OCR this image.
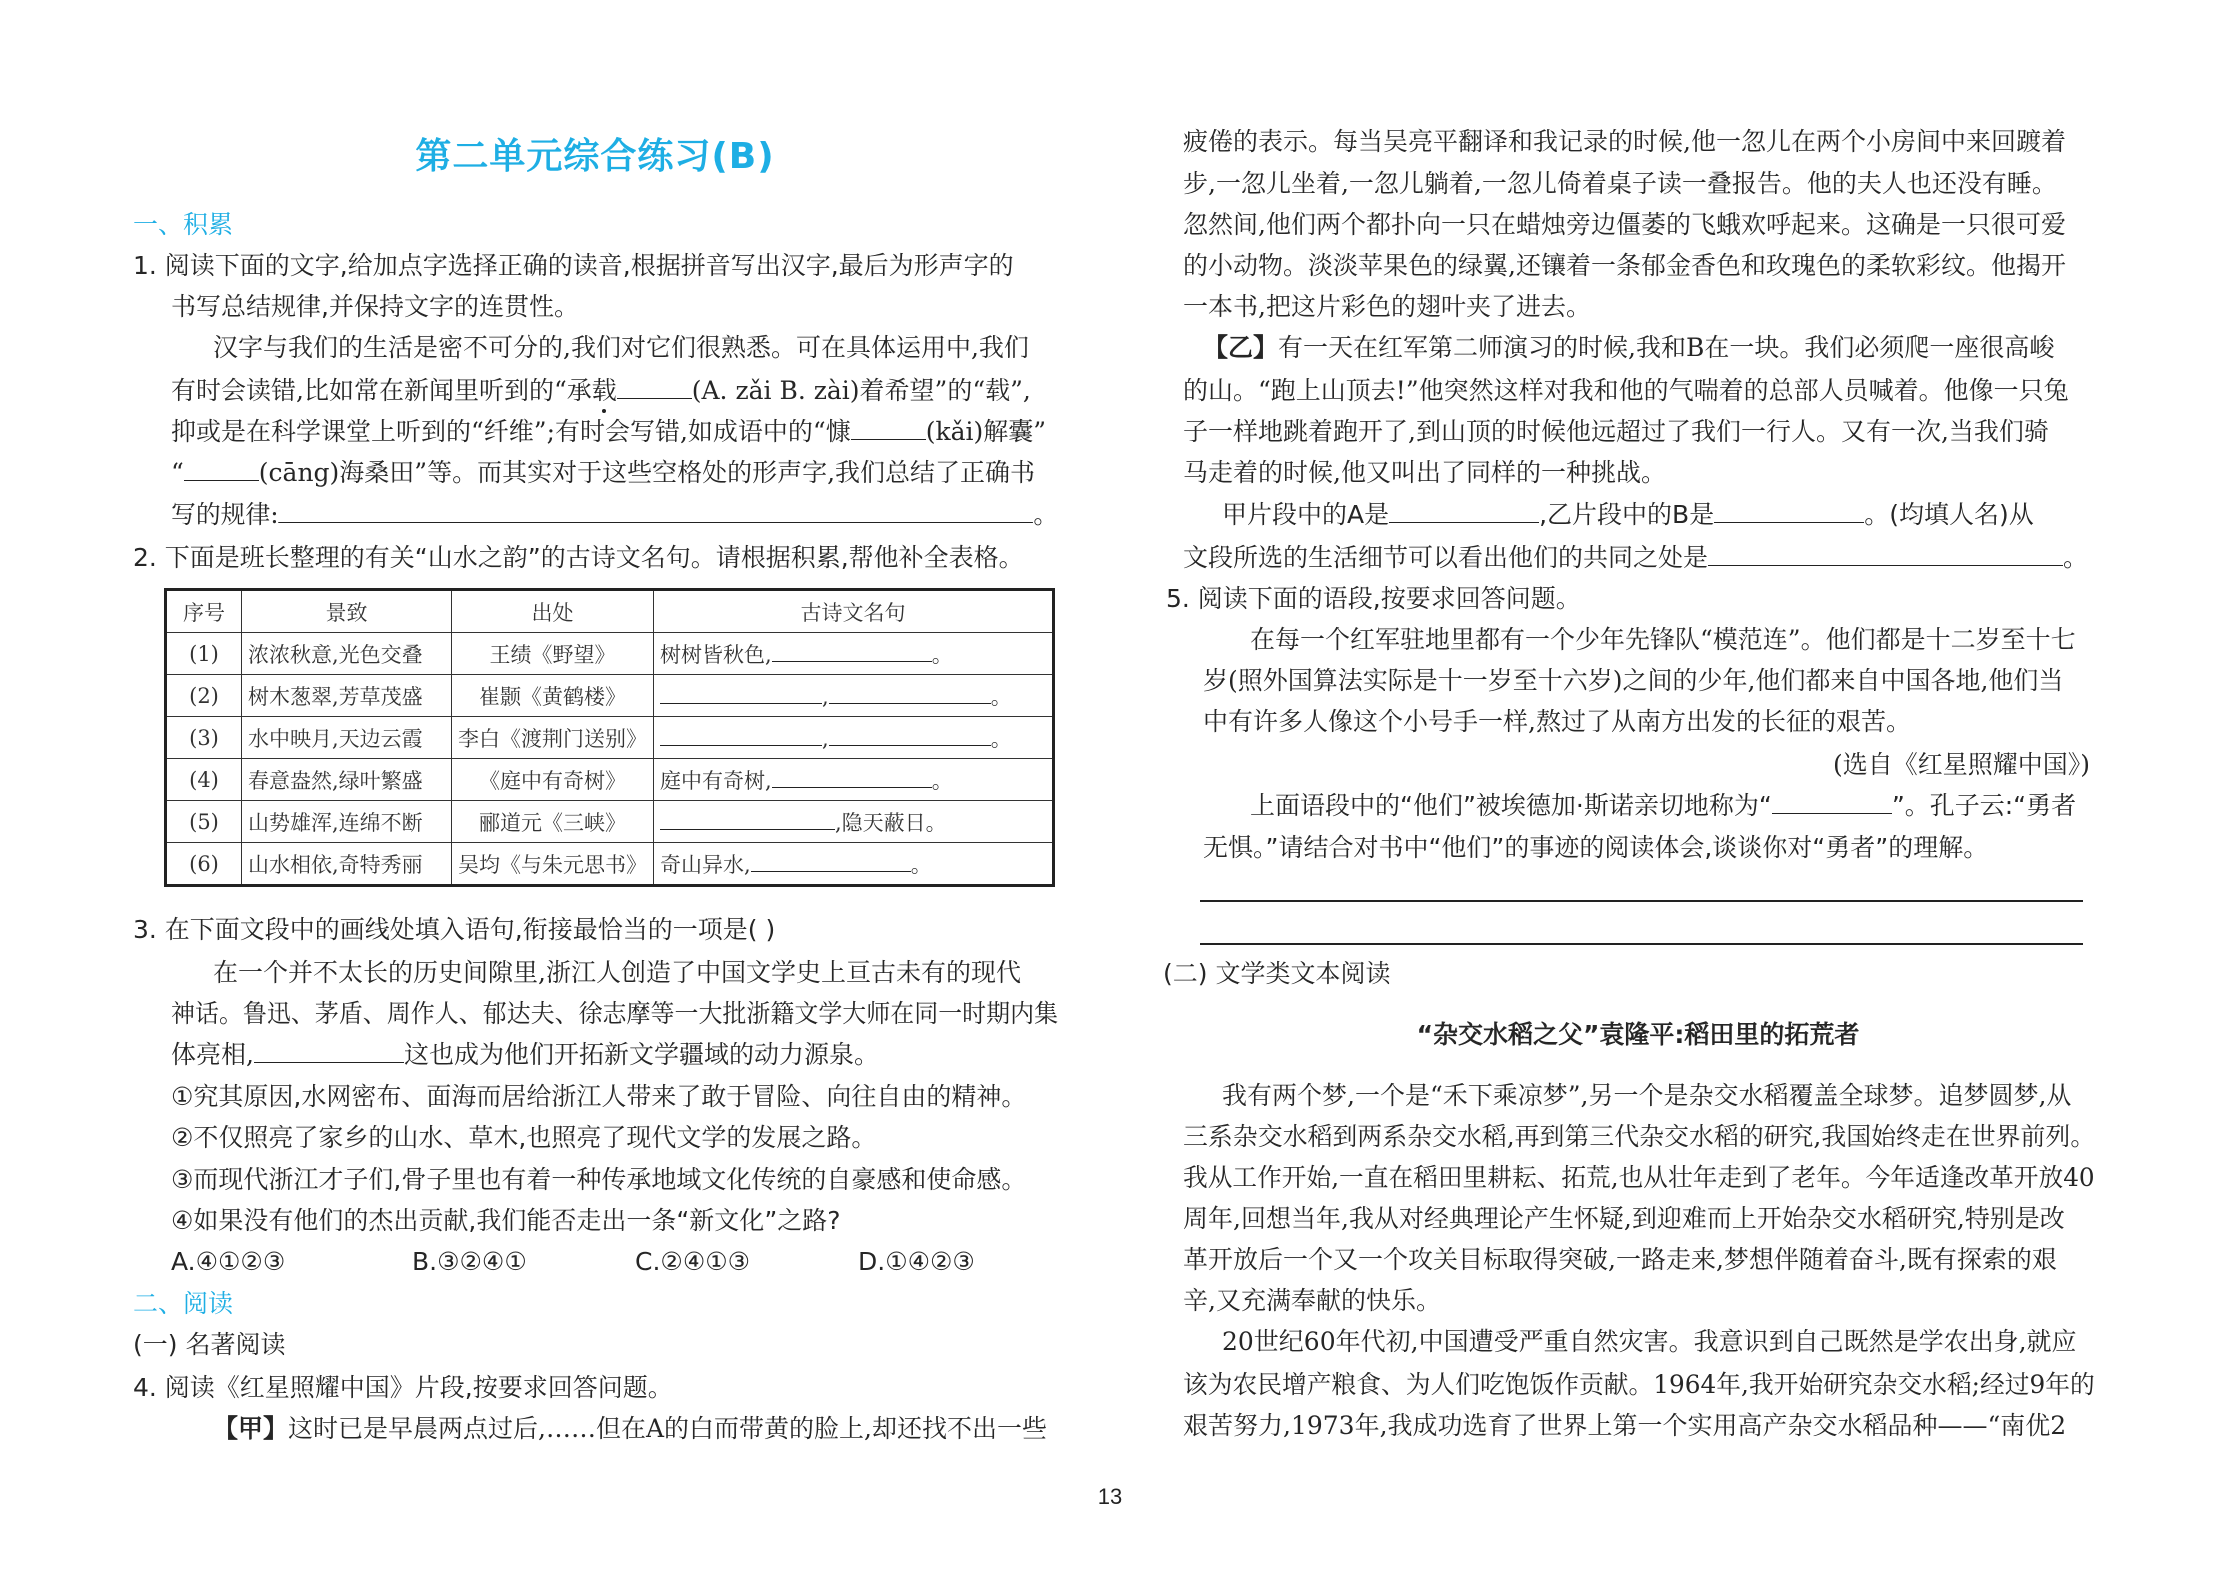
第二单元综合练习(B)
一、积累
1. 阅读下面的文字,给加点字选择正确的读音,根据拼音写出汉字,最后为形声字的
书写总结规律,并保持文字的连贯性。
汉字与我们的生活是密不可分的,我们对它们很熟悉。可在具体运用中,我们
有时会读错,比如常在新闻里听到的“承载	(A. zǎi B. zài)着希望”的“载”,
抑或是在科学课堂上听到的“纤维”;有时会写错,如成语中的“慷	(kǎi)解囊”
“	(cāng)海桑田”等。而其实对于这些空格处的形声字,我们总结了正确书
写的规律:	。
2. 下面是班长整理的有关“山水之韵”的古诗文名句。请根据积累,帮他补全表格。
序号	景致	出处	古诗文名句
(1)	浓浓秋意,光色交叠	王绩《野望》	树树皆秋色, 。
(2)	树木葱翠,芳草茂盛	崔颢《黄鹤楼》	, 。
(3)	水中映月,天边云霞	李白《渡荆门送别》	, 。
(4)	春意盎然,绿叶繁盛	《庭中有奇树》	庭中有奇树, 。
(5)	山势雄浑,连绵不断	郦道元《三峡》	,隐天蔽日。
(6)	山水相依,奇特秀丽	吴均《与朱元思书》	奇山异水, 。
3. 在下面文段中的画线处填入语句,衔接最恰当的一项是( )
在一个并不太长的历史间隙里,浙江人创造了中国文学史上亘古未有的现代
神话。鲁迅、茅盾、周作人、郁达夫、徐志摩等一大批浙籍文学大师在同一时期内集
体亮相,	这也成为他们开拓新文学疆域的动力源泉。
①究其原因,水网密布、面海而居给浙江人带来了敢于冒险、向往自由的精神。
②不仅照亮了家乡的山水、草木,也照亮了现代文学的发展之路。
③而现代浙江才子们,骨子里也有着一种传承地域文化传统的自豪感和使命感。
④如果没有他们的杰出贡献,我们能否走出一条“新文化”之路?
A.④①②③	B.③②④①	C.②④①③	D.①④②③
二、阅读
(一) 名著阅读
4. 阅读《红星照耀中国》片段,按要求回答问题。
【甲】这时已是早晨两点过后,……但在A的白而带黄的脸上,却还找不出一些
疲倦的表示。每当吴亮平翻译和我记录的时候,他一忽儿在两个小房间中来回踱着
步,一忽儿坐着,一忽儿躺着,一忽儿倚着桌子读一叠报告。他的夫人也还没有睡。
忽然间,他们两个都扑向一只在蜡烛旁边僵萎的飞蛾欢呼起来。这确是一只很可爱
的小动物。淡淡苹果色的绿翼,还镶着一条郁金香色和玫瑰色的柔软彩纹。他揭开
一本书,把这片彩色的翅叶夹了进去。
【乙】有一天在红军第二师演习的时候,我和B在一块。我们必须爬一座很高峻
的山。“跑上山顶去!”他突然这样对我和他的气喘着的总部人员喊着。他像一只兔
子一样地跳着跑开了,到山顶的时候他远超过了我们一行人。又有一次,当我们骑
马走着的时候,他又叫出了同样的一种挑战。
甲片段中的A是	,乙片段中的B是	。(均填人名)从
文段所选的生活细节可以看出他们的共同之处是	。
5. 阅读下面的语段,按要求回答问题。
在每一个红军驻地里都有一个少年先锋队“模范连”。他们都是十二岁至十七
岁(照外国算法实际是十一岁至十六岁)之间的少年,他们都来自中国各地,他们当
中有许多人像这个小号手一样,熬过了从南方出发的长征的艰苦。
(选自《红星照耀中国》)
上面语段中的“他们”被埃德加·斯诺亲切地称为“	”。孔子云:“勇者
无惧。”请结合对书中“他们”的事迹的阅读体会,谈谈你对“勇者”的理解。
(二) 文学类文本阅读
“杂交水稻之父”袁隆平:稻田里的拓荒者
我有两个梦,一个是“禾下乘凉梦”,另一个是杂交水稻覆盖全球梦。追梦圆梦,从
三系杂交水稻到两系杂交水稻,再到第三代杂交水稻的研究,我国始终走在世界前列。
我从工作开始,一直在稻田里耕耘、拓荒,也从壮年走到了老年。今年适逢改革开放40
周年,回想当年,我从对经典理论产生怀疑,到迎难而上开始杂交水稻研究,特别是改
革开放后一个又一个攻关目标取得突破,一路走来,梦想伴随着奋斗,既有探索的艰
辛,又充满奉献的快乐。
20世纪60年代初,中国遭受严重自然灾害。我意识到自己既然是学农出身,就应
该为农民增产粮食、为人们吃饱饭作贡献。1964年,我开始研究杂交水稻;经过9年的
艰苦努力,1973年,我成功选育了世界上第一个实用高产杂交水稻品种——“南优2
13
